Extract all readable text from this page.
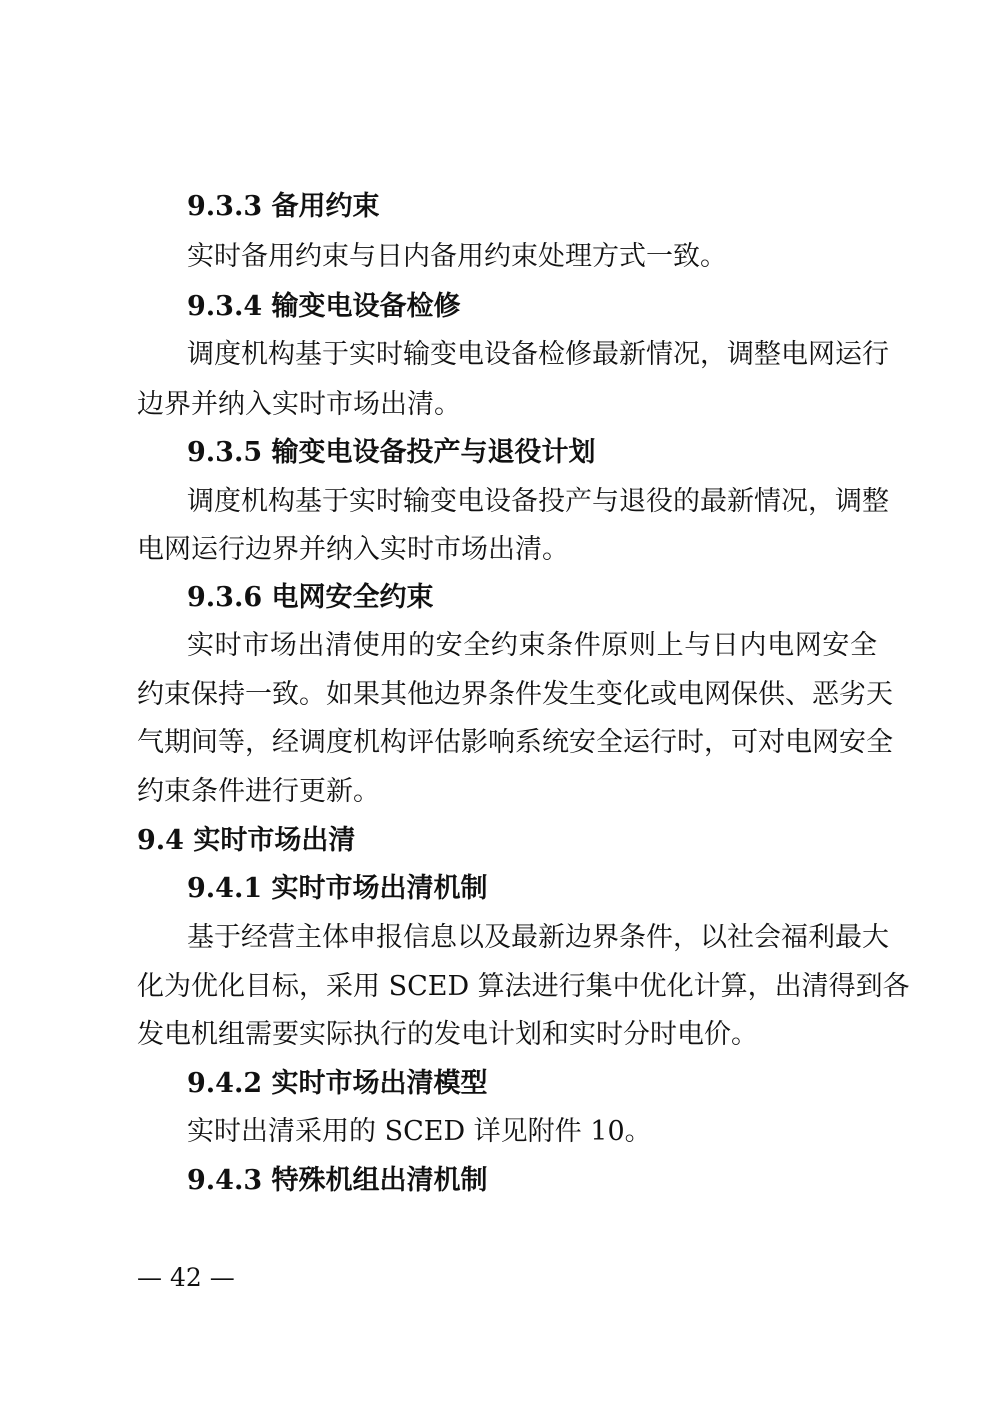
9.3.3 备用约束
实时备用约束与日内备用约束处理方式一致。
9.3.4 输变电设备检修
调度机构基于实时输变电设备检修最新情况，调整电网运行
边界并纳入实时市场出清。
9.3.5 输变电设备投产与退役计划
调度机构基于实时输变电设备投产与退役的最新情况，调整
电网运行边界并纳入实时市场出清。
9.3.6 电网安全约束
实时市场出清使用的安全约束条件原则上与日内电网安全
约束保持一致。如果其他边界条件发生变化或电网保供、恶劣天
气期间等，经调度机构评估影响系统安全运行时，可对电网安全
约束条件进行更新。
9.4 实时市场出清
9.4.1 实时市场出清机制
基于经营主体申报信息以及最新边界条件，以社会福利最大
化为优化目标，采用 SCED 算法进行集中优化计算，出清得到各
发电机组需要实际执行的发电计划和实时分时电价。
9.4.2 实时市场出清模型
实时出清采用的 SCED 详见附件 10。
9.4.3 特殊机组出清机制
— 42 —
